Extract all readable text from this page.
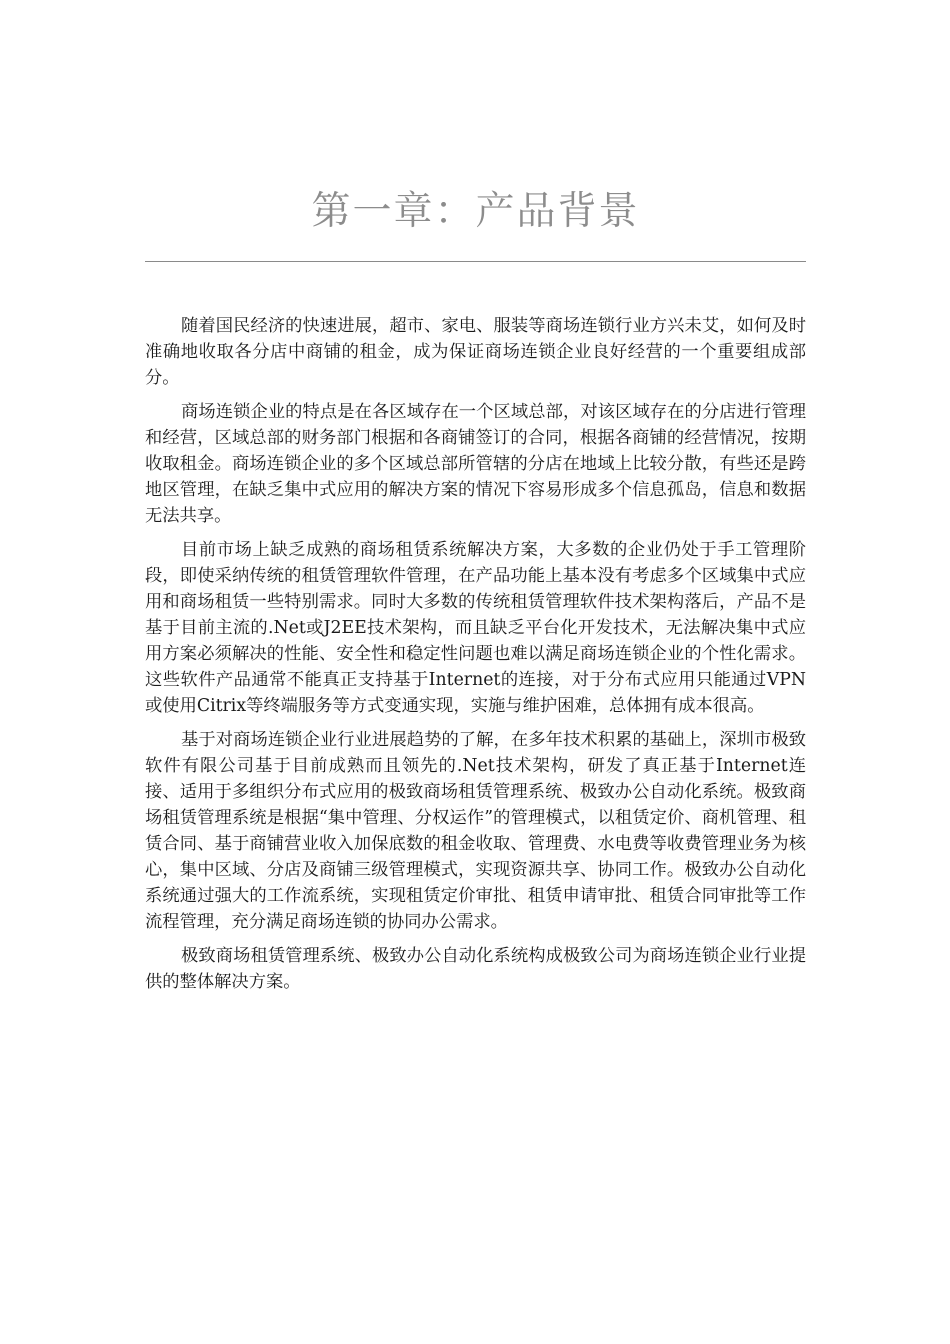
第一章：产品背景

随着国民经济的快速进展，超市、家电、服装等商场连锁行业方兴未艾，如何及时准确地收取各分店中商铺的租金，成为保证商场连锁企业良好经营的一个重要组成部分。

商场连锁企业的特点是在各区域存在一个区域总部，对该区域存在的分店进行管理和经营，区域总部的财务部门根据和各商铺签订的合同，根据各商铺的经营情况，按期收取租金。商场连锁企业的多个区域总部所管辖的分店在地域上比较分散，有些还是跨地区管理，在缺乏集中式应用的解决方案的情况下容易形成多个信息孤岛，信息和数据无法共享。

目前市场上缺乏成熟的商场租赁系统解决方案，大多数的企业仍处于手工管理阶段，即使采纳传统的租赁管理软件管理，在产品功能上基本没有考虑多个区域集中式应用和商场租赁一些特别需求。同时大多数的传统租赁管理软件技术架构落后，产品不是基于目前主流的.Net或J2EE技术架构，而且缺乏平台化开发技术，无法解决集中式应用方案必须解决的性能、安全性和稳定性问题也难以满足商场连锁企业的个性化需求。这些软件产品通常不能真正支持基于Internet的连接，对于分布式应用只能通过VPN或使用Citrix等终端服务等方式变通实现，实施与维护困难，总体拥有成本很高。

基于对商场连锁企业行业进展趋势的了解，在多年技术积累的基础上，深圳市极致软件有限公司基于目前成熟而且领先的.Net技术架构，研发了真正基于Internet连接、适用于多组织分布式应用的极致商场租赁管理系统、极致办公自动化系统。极致商场租赁管理系统是根据“集中管理、分权运作”的管理模式，以租赁定价、商机管理、租赁合同、基于商铺营业收入加保底数的租金收取、管理费、水电费等收费管理业务为核心，集中区域、分店及商铺三级管理模式，实现资源共享、协同工作。极致办公自动化系统通过强大的工作流系统，实现租赁定价审批、租赁申请审批、租赁合同审批等工作流程管理，充分满足商场连锁的协同办公需求。

极致商场租赁管理系统、极致办公自动化系统构成极致公司为商场连锁企业行业提供的整体解决方案。
